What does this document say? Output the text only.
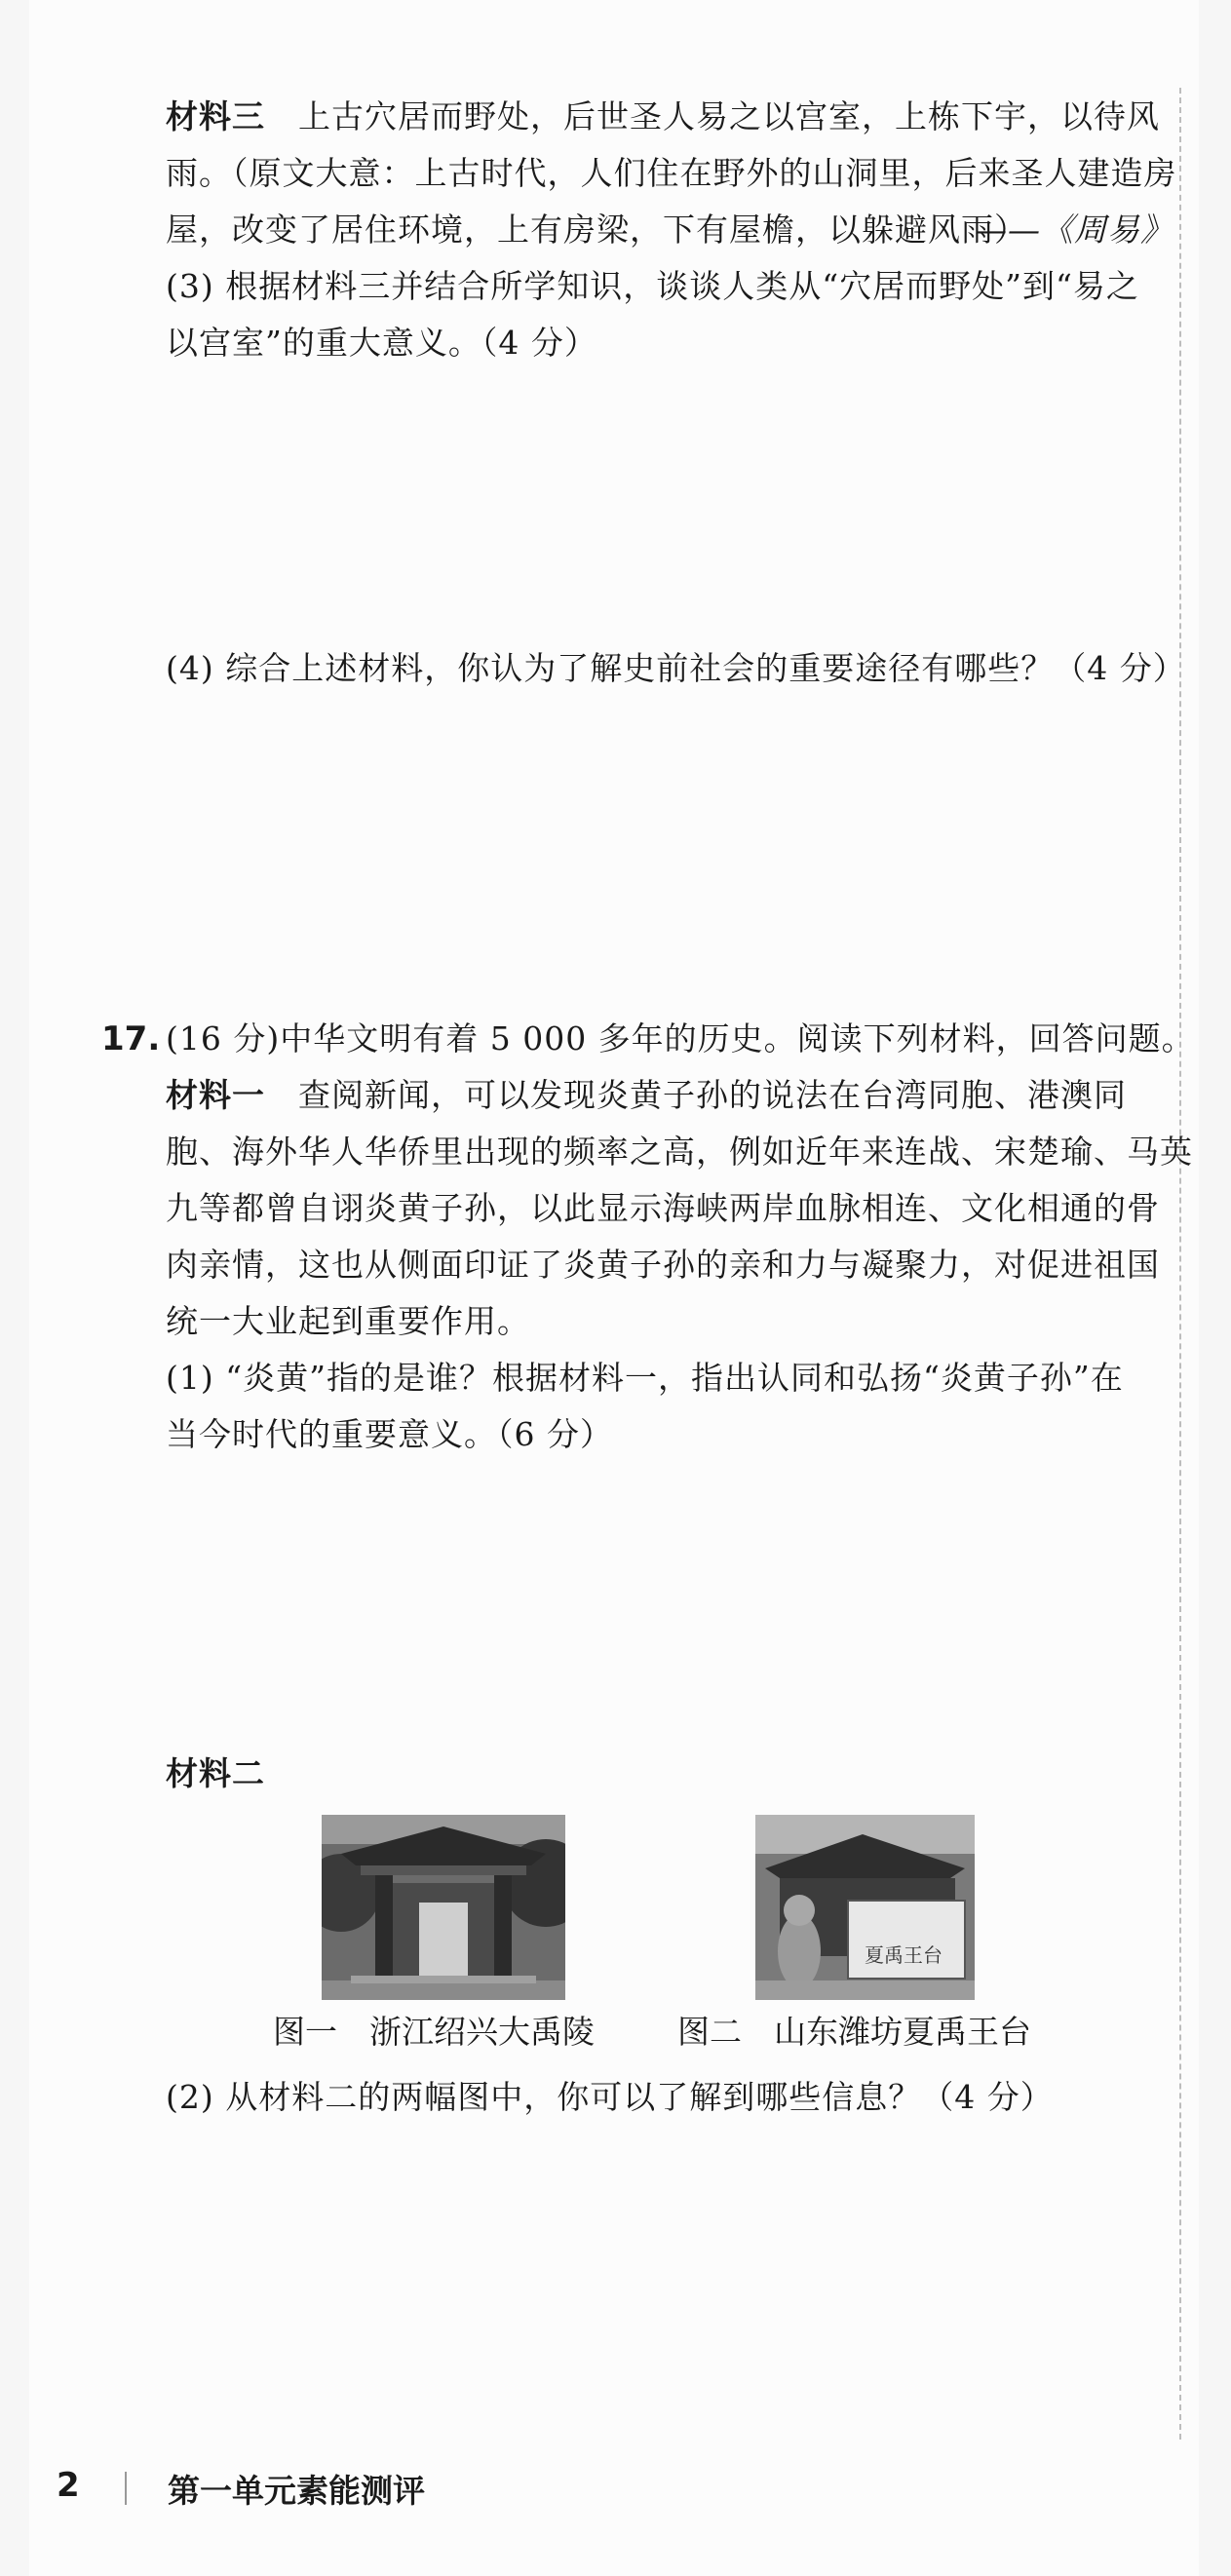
材料三　 上古穴居而野处，后世圣人易之以宫室，上栋下宇，以待风
雨。（原文大意：上古时代，人们住在野外的山洞里，后来圣人建造房
屋，改变了居住环境，上有房梁，下有屋檐，以躲避风雨）
——《周易》
(3) 根据材料三并结合所学知识，谈谈人类从“穴居而野处”到“易之
以宫室”的重大意义。（4 分）
(4) 综合上述材料，你认为了解史前社会的重要途径有哪些？（4 分）
17. (16 分)中华文明有着 5 000 多年的历史。阅读下列材料，回答问题。
材料一　 查阅新闻，可以发现炎黄子孙的说法在台湾同胞、港澳同
胞、海外华人华侨里出现的频率之高，例如近年来连战、宋楚瑜、马英
九等都曾自诩炎黄子孙，以此显示海峡两岸血脉相连、文化相通的骨
肉亲情，这也从侧面印证了炎黄子孙的亲和力与凝聚力，对促进祖国
统一大业起到重要作用。
(1) “炎黄”指的是谁？根据材料一，指出认同和弘扬“炎黄子孙”在
当今时代的重要意义。（6 分）
材料二
夏禹王台
图一　浙江绍兴大禹陵	图二　山东潍坊夏禹王台
(2) 从材料二的两幅图中，你可以了解到哪些信息？（4 分）
2	第一单元素能测评
